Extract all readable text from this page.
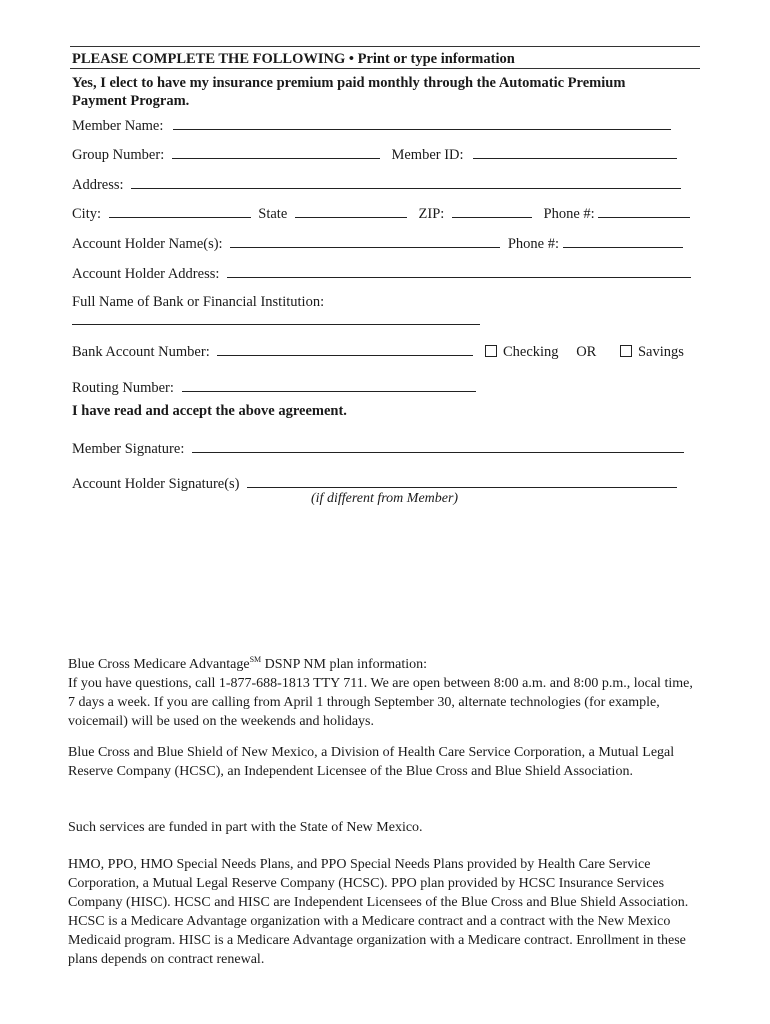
PLEASE COMPLETE THE FOLLOWING • Print or type information
Yes, I elect to have my insurance premium paid monthly through the Automatic Premium
Payment Program.
Member Name:
Group Number:	Member ID:
Address:
City:	State	ZIP:	Phone #:
Account Holder Name(s):	Phone #:
Account Holder Address:
Full Name of Bank or Financial Institution:
Bank Account Number:	Checking OR	Savings
Routing Number:
I have read and accept the above agreement.
Member Signature:
Account Holder Signature(s)
(if different from Member)

Blue Cross Medicare Advantage℠ DSNP NM plan information:

If you have questions, call 1-877-688-1813 TTY 711. We are open between 8:00 a.m. and 8:00 p.m., local time, 7 days a week. If you are calling from April 1 through September 30, alternate technologies (for example, voicemail) will be used on the weekends and holidays.

Blue Cross and Blue Shield of New Mexico, a Division of Health Care Service Corporation, a Mutual Legal Reserve Company (HCSC), an Independent Licensee of the Blue Cross and Blue Shield Association.
Such services are funded in part with the State of New Mexico.
HMO, PPO, HMO Special Needs Plans, and PPO Special Needs Plans provided by Health Care Service Corporation, a Mutual Legal Reserve Company (HCSC). PPO plan provided by HCSC Insurance Services Company (HISC). HCSC and HISC are Independent Licensees of the Blue Cross and Blue Shield Association. HCSC is a Medicare Advantage organization with a Medicare contract and a contract with the New Mexico Medicaid program. HISC is a Medicare Advantage organization with a Medicare contract. Enrollment in these plans depends on contract renewal.
